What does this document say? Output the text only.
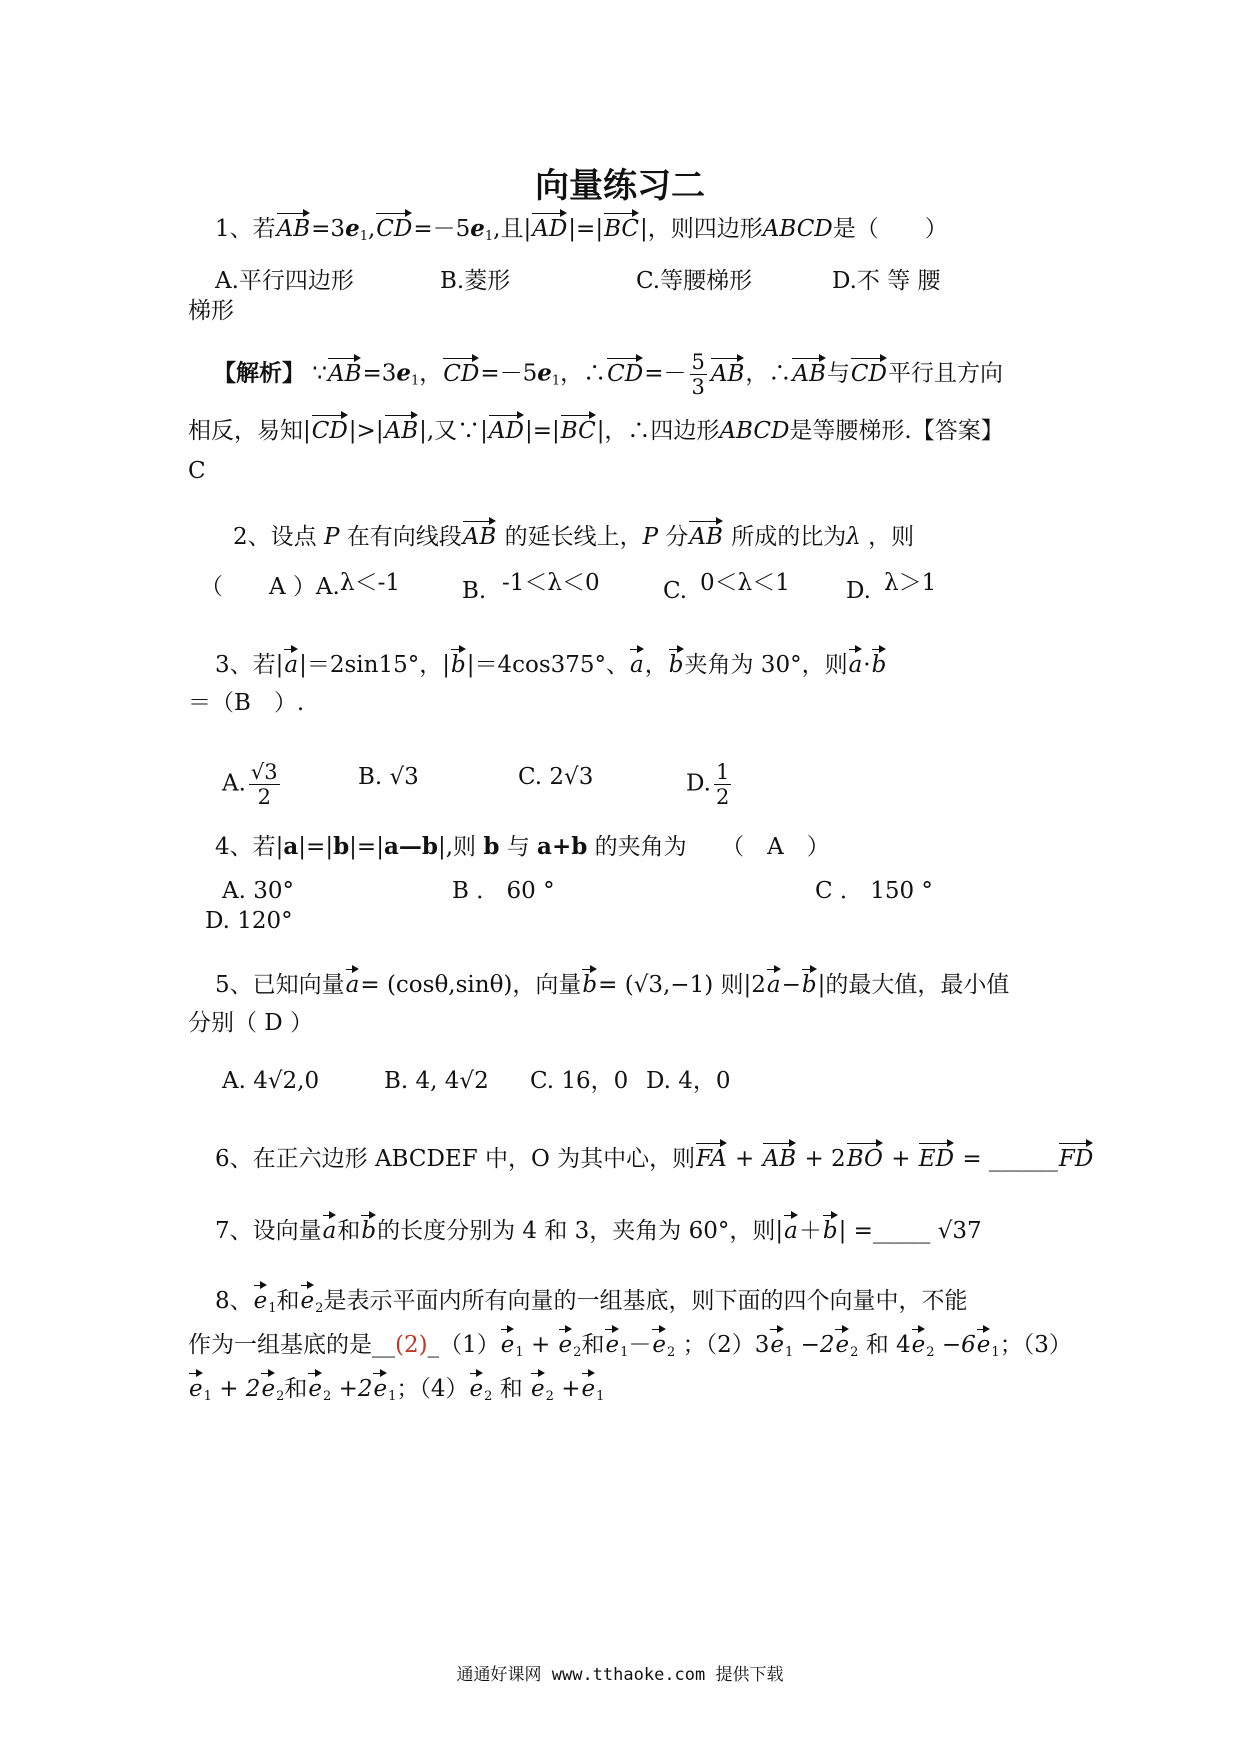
向量练习二
1、若$AB=3e_1,CD=-5e_1$,且|AD|=|BC|，则四边形ABCD是（　　）
A.平行四边形	B.菱形	C.等腰梯形	D.不 等 腰
梯形
【解析】 $\because AB=3e_1$，$CD=-5e_1$，∴CD=－ $\frac{5}{3}$ AB，∴AB与CD平行且方向
相反，易知|CD|>|AB|,又∵|AD|=|BC|，∴四边形ABCD是等腰梯形.【答案】
C
2、设点 P 在有向线段AB 的延长线上，P 分AB 所成的比为λ ，则
（　　A ）A. λ＜-1	B. -1＜λ＜0	C. 0＜λ＜1 D. λ＞1
3、若|a|＝2sin15°，|b|＝4cos375°、a，b夹角为 30°，则a·b
＝（B　）.
A. $\frac{√3}{2}$	B. √3	C. 2√3	D. $\frac{1}{2}$
4、若|a|=|b|=|a—b|,则 b 与 a+b 的夹角为　　（　A　）
A. 30°	B ． 60 °	C ． 150 °
D. 120°
5、已知向量a= (cosθ,sinθ)，向量b= (√3,−1) 则|2a−b|的最大值，最小值
分别（ D ）
A. 4√2,0	B. 4, 4√2 C. 16，0 D. 4，0
6、在正六边形 ABCDEF 中，O 为其中心，则FA + AB + 2BO + ED = ______FD
7、设向量a和b的长度分别为 4 和 3，夹角为 60°，则|a＋b| =_____ √37
8、$e_1$和$e_2$是表示平面内所有向量的一组基底，则下面的四个向量中，不能
作为一组基底的是$\_\_(2)\_(1)e_1 + e_2$和$e_1-e_2$ ；$(2)3e_1 -2e_2$ 和 $4e_2 -6e_1$；（3）
$e_1 + 2e_2$和$e_2 +2e_1$；$(4)e_2$ 和 $e_2 +e_1$
通通好课网 www.tthaoke.com 提供下载
